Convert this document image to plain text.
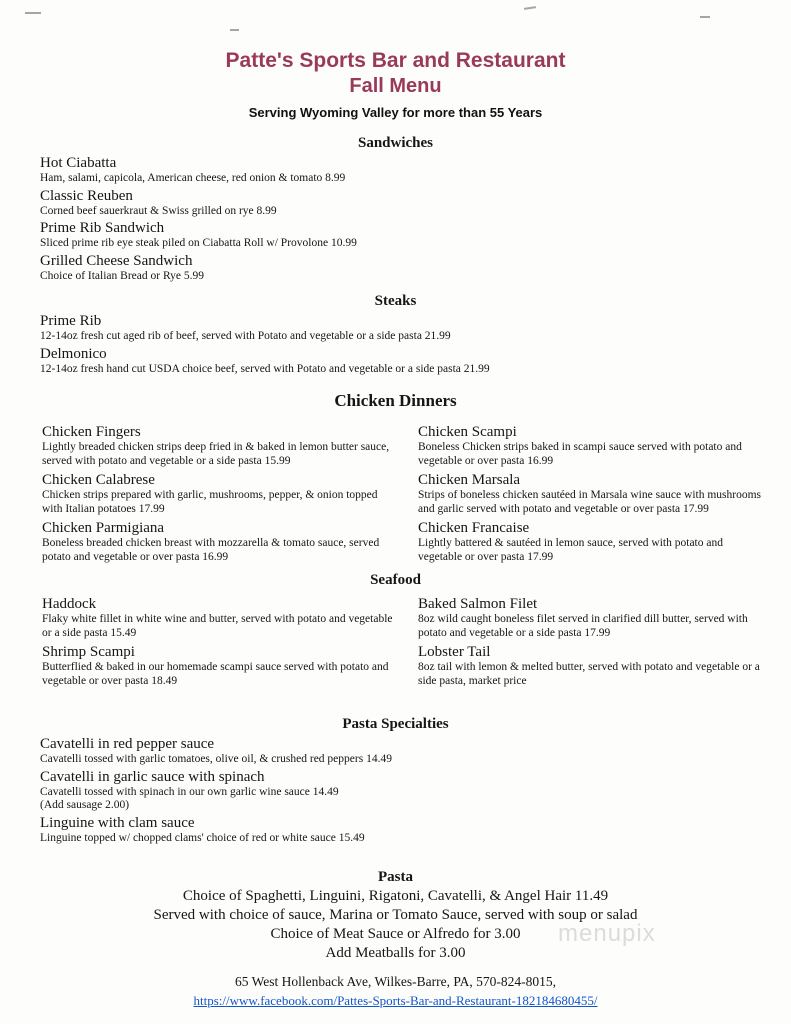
Patte's Sports Bar and Restaurant
Fall Menu
Serving Wyoming Valley for more than 55 Years
Sandwiches
Hot Ciabatta
Ham, salami, capicola, American cheese, red onion & tomato 8.99
Classic Reuben
Corned beef sauerkraut & Swiss grilled on rye 8.99
Prime Rib Sandwich
Sliced prime rib eye steak piled on Ciabatta Roll w/ Provolone 10.99
Grilled Cheese Sandwich
Choice of Italian Bread or Rye 5.99
Steaks
Prime Rib
12-14oz fresh cut aged rib of beef, served with Potato and vegetable or a side pasta 21.99
Delmonico
12-14oz fresh hand cut USDA choice beef, served with Potato and vegetable or a side pasta 21.99
Chicken Dinners
Chicken Fingers
Lightly breaded chicken strips deep fried in & baked in lemon butter sauce, served with potato and vegetable or a side pasta 15.99
Chicken Calabrese
Chicken strips prepared with garlic, mushrooms, pepper, & onion topped with Italian potatoes 17.99
Chicken Parmigiana
Boneless breaded chicken breast with mozzarella & tomato sauce, served potato and vegetable or over pasta 16.99
Chicken Scampi
Boneless Chicken strips baked in scampi sauce served with potato and vegetable or over pasta 16.99
Chicken Marsala
Strips of boneless chicken sautéed in Marsala wine sauce with mushrooms and garlic served with potato and vegetable or over pasta 17.99
Chicken Francaise
Lightly battered & sautéed in lemon sauce, served with potato and vegetable or over pasta 17.99
Seafood
Haddock
Flaky white fillet in white wine and butter, served with potato and vegetable or a side pasta 15.49
Shrimp Scampi
Butterflied & baked in our homemade scampi sauce served with potato and vegetable or over pasta 18.49
Baked Salmon Filet
8oz wild caught boneless filet served in clarified dill butter, served with potato and vegetable or a side pasta 17.99
Lobster Tail
8oz tail with lemon & melted butter, served with potato and vegetable or a side pasta, market price
Pasta Specialties
Cavatelli in red pepper sauce
Cavatelli tossed with garlic tomatoes, olive oil, & crushed red peppers 14.49
Cavatelli in garlic sauce with spinach
Cavatelli tossed with spinach in our own garlic wine sauce 14.49
(Add sausage 2.00)
Linguine with clam sauce
Linguine topped w/ chopped clams' choice of red or white sauce 15.49
Pasta
Choice of Spaghetti, Linguini, Rigatoni, Cavatelli, & Angel Hair 11.49
Served with choice of sauce, Marina or Tomato Sauce, served with soup or salad
Choice of Meat Sauce or Alfredo for 3.00
Add Meatballs for 3.00
menupix
65 West Hollenback Ave, Wilkes-Barre, PA, 570-824-8015,
https://www.facebook.com/Pattes-Sports-Bar-and-Restaurant-182184680455/
